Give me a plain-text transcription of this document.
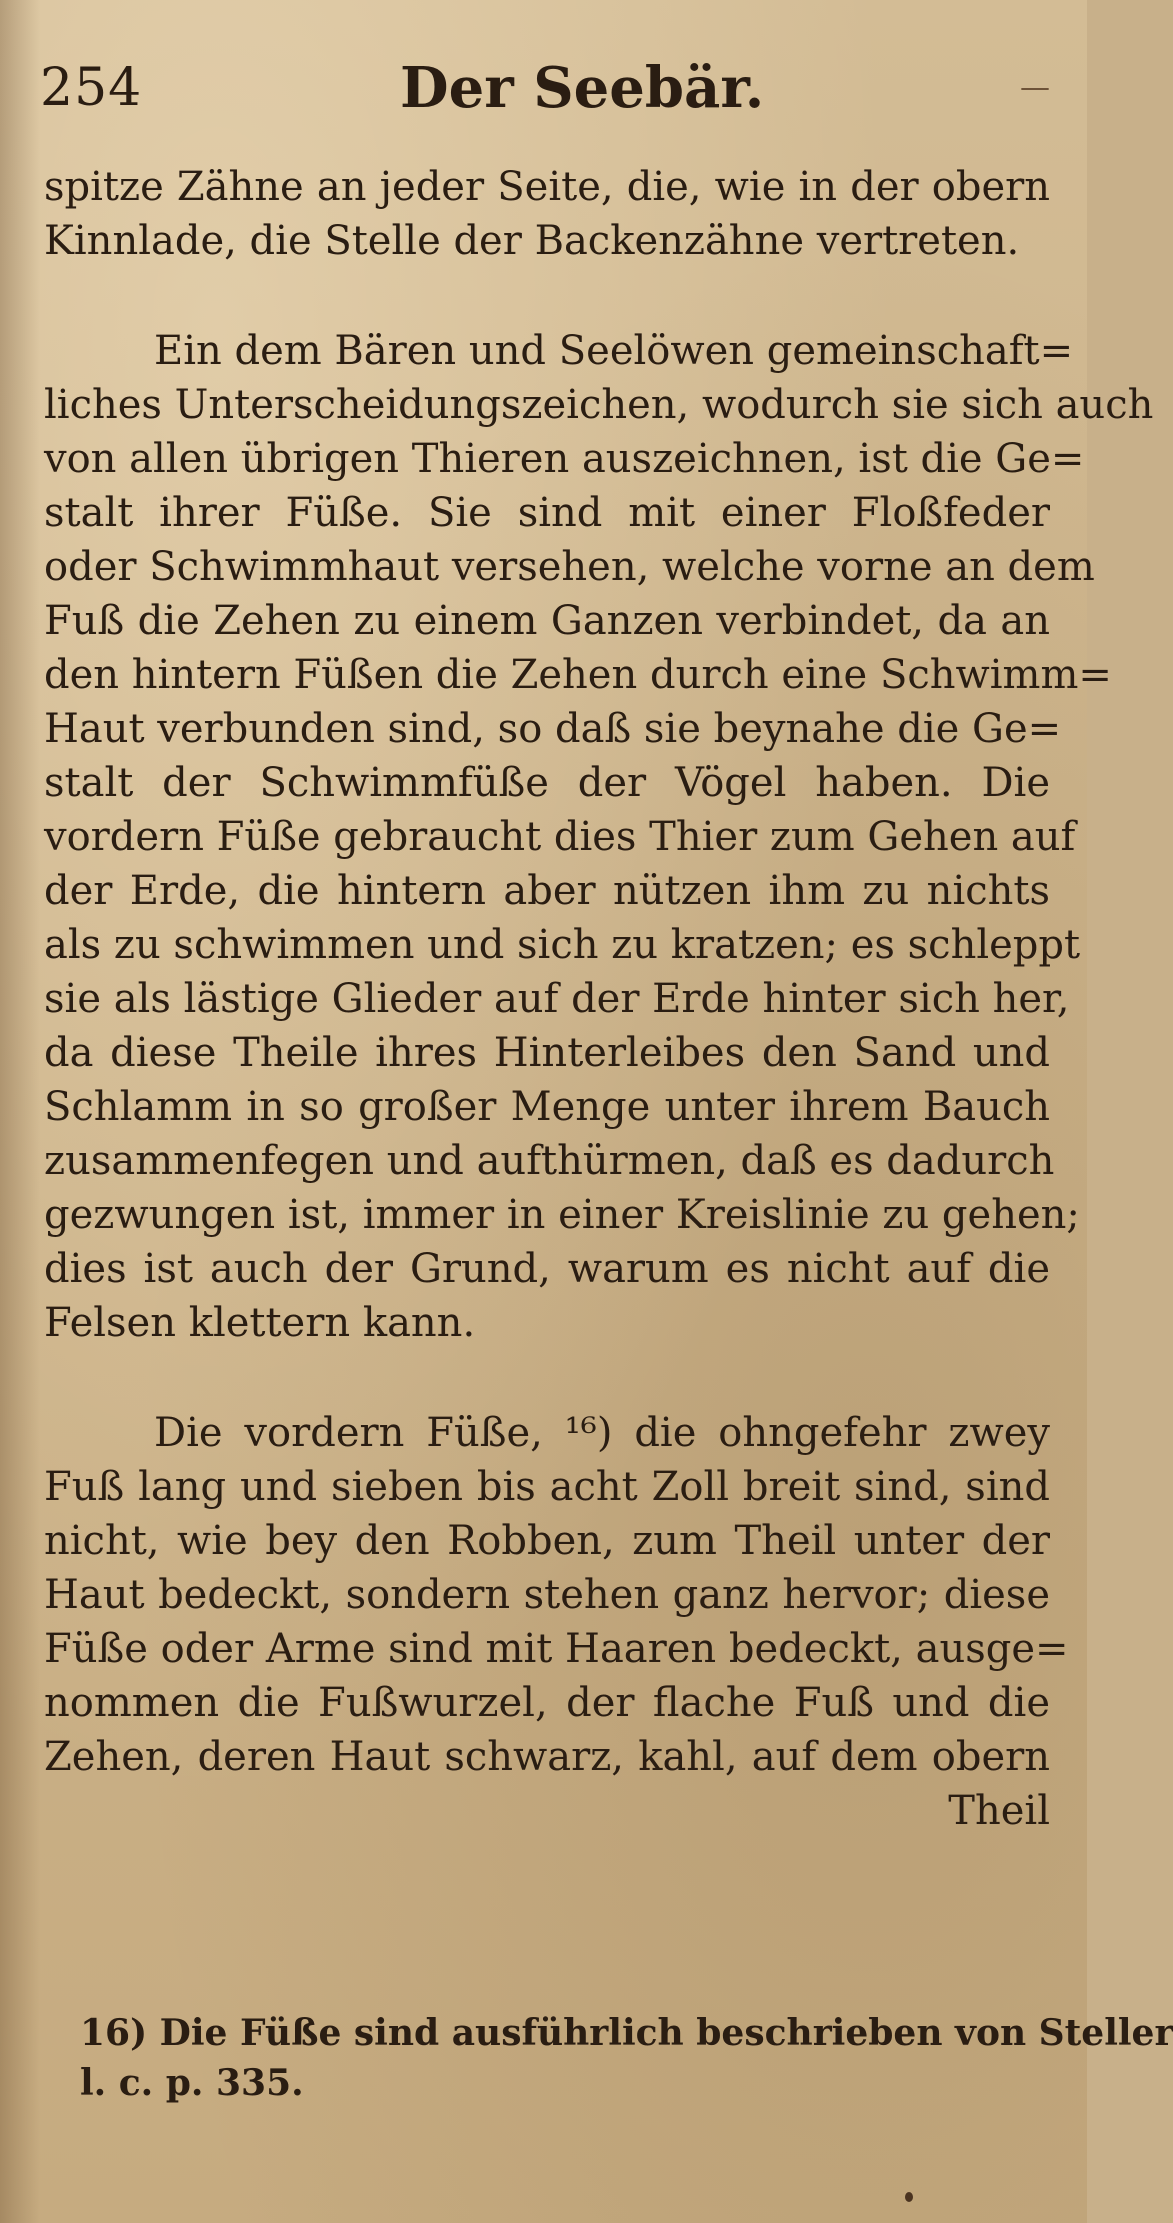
254	Der Seebär.	—
spitze Zähne an jeder Seite, die, wie in der obern
Kinnlade, die Stelle der Backenzähne vertreten.
Ein dem Bären und Seelöwen gemeinschaft=
liches Unterscheidungszeichen, wodurch sie sich auch
von allen übrigen Thieren auszeichnen, ist die Ge=
stalt ihrer Füße. Sie sind mit einer Floßfeder
oder Schwimmhaut versehen, welche vorne an dem
Fuß die Zehen zu einem Ganzen verbindet, da an
den hintern Füßen die Zehen durch eine Schwimm=
Haut verbunden sind, so daß sie beynahe die Ge=
stalt der Schwimmfüße der Vögel haben. Die
vordern Füße gebraucht dies Thier zum Gehen auf
der Erde, die hintern aber nützen ihm zu nichts
als zu schwimmen und sich zu kratzen; es schleppt
sie als lästige Glieder auf der Erde hinter sich her,
da diese Theile ihres Hinterleibes den Sand und
Schlamm in so großer Menge unter ihrem Bauch
zusammenfegen und aufthürmen, daß es dadurch
gezwungen ist, immer in einer Kreislinie zu gehen;
dies ist auch der Grund, warum es nicht auf die
Felsen klettern kann.
Die vordern Füße, ¹⁶) die ohngefehr zwey
Fuß lang und sieben bis acht Zoll breit sind, sind
nicht, wie bey den Robben, zum Theil unter der
Haut bedeckt, sondern stehen ganz hervor; diese
Füße oder Arme sind mit Haaren bedeckt, ausge=
nommen die Fußwurzel, der flache Fuß und die
Zehen, deren Haut schwarz, kahl, auf dem obern
Theil
16) Die Füße sind ausführlich beschrieben von Steller
l. c. p. 335.
